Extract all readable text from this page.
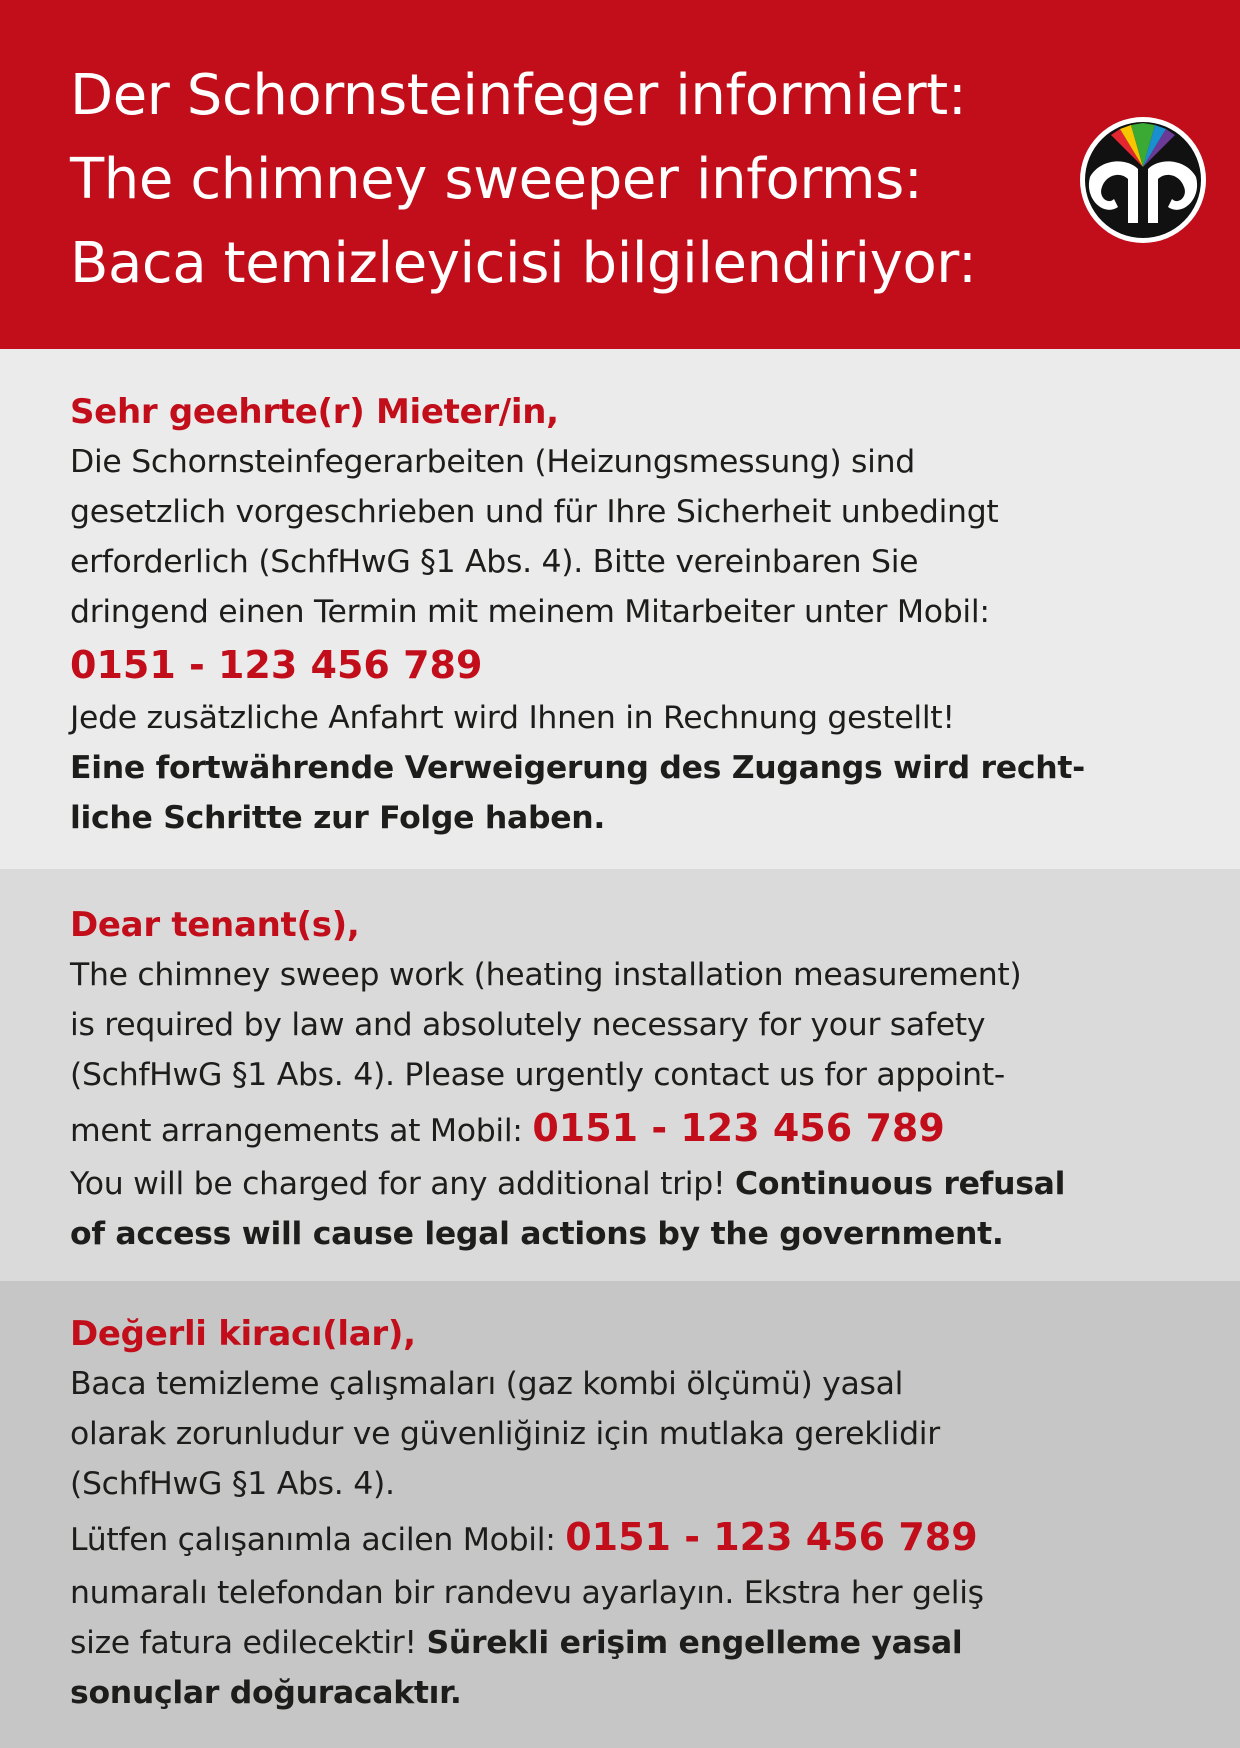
Der Schornsteinfeger informiert:
The chimney sweeper informs:
Baca temizleyicisi bilgilendiriyor:
Sehr geehrte(r) Mieter/in,
Die Schornsteinfegerarbeiten (Heizungsmessung) sind
gesetzlich vorgeschrieben und für Ihre Sicherheit unbedingt
erforderlich (SchfHwG §1 Abs. 4). Bitte vereinbaren Sie
dringend einen Termin mit meinem Mitarbeiter unter Mobil:
0151 - 123 456 789
Jede zusätzliche Anfahrt wird Ihnen in Rechnung gestellt!
Eine fortwährende Verweigerung des Zugangs wird recht-
liche Schritte zur Folge haben.
Dear tenant(s),
The chimney sweep work (heating installation measurement)
is required by law and absolutely necessary for your safety
(SchfHwG §1 Abs. 4). Please urgently contact us for appoint-
ment arrangements at Mobil: 0151 - 123 456 789
You will be charged for any additional trip! Continuous refusal
of access will cause legal actions by the government.
Değerli kiracı(lar),
Baca temizleme çalışmaları (gaz kombi ölçümü) yasal
olarak zorunludur ve güvenliğiniz için mutlaka gereklidir
(SchfHwG §1 Abs. 4).
Lütfen çalışanımla acilen Mobil: 0151 - 123 456 789
numaralı telefondan bir randevu ayarlayın. Ekstra her geliş
size fatura edilecektir! Sürekli erişim engelleme yasal
sonuçlar doğuracaktır.
